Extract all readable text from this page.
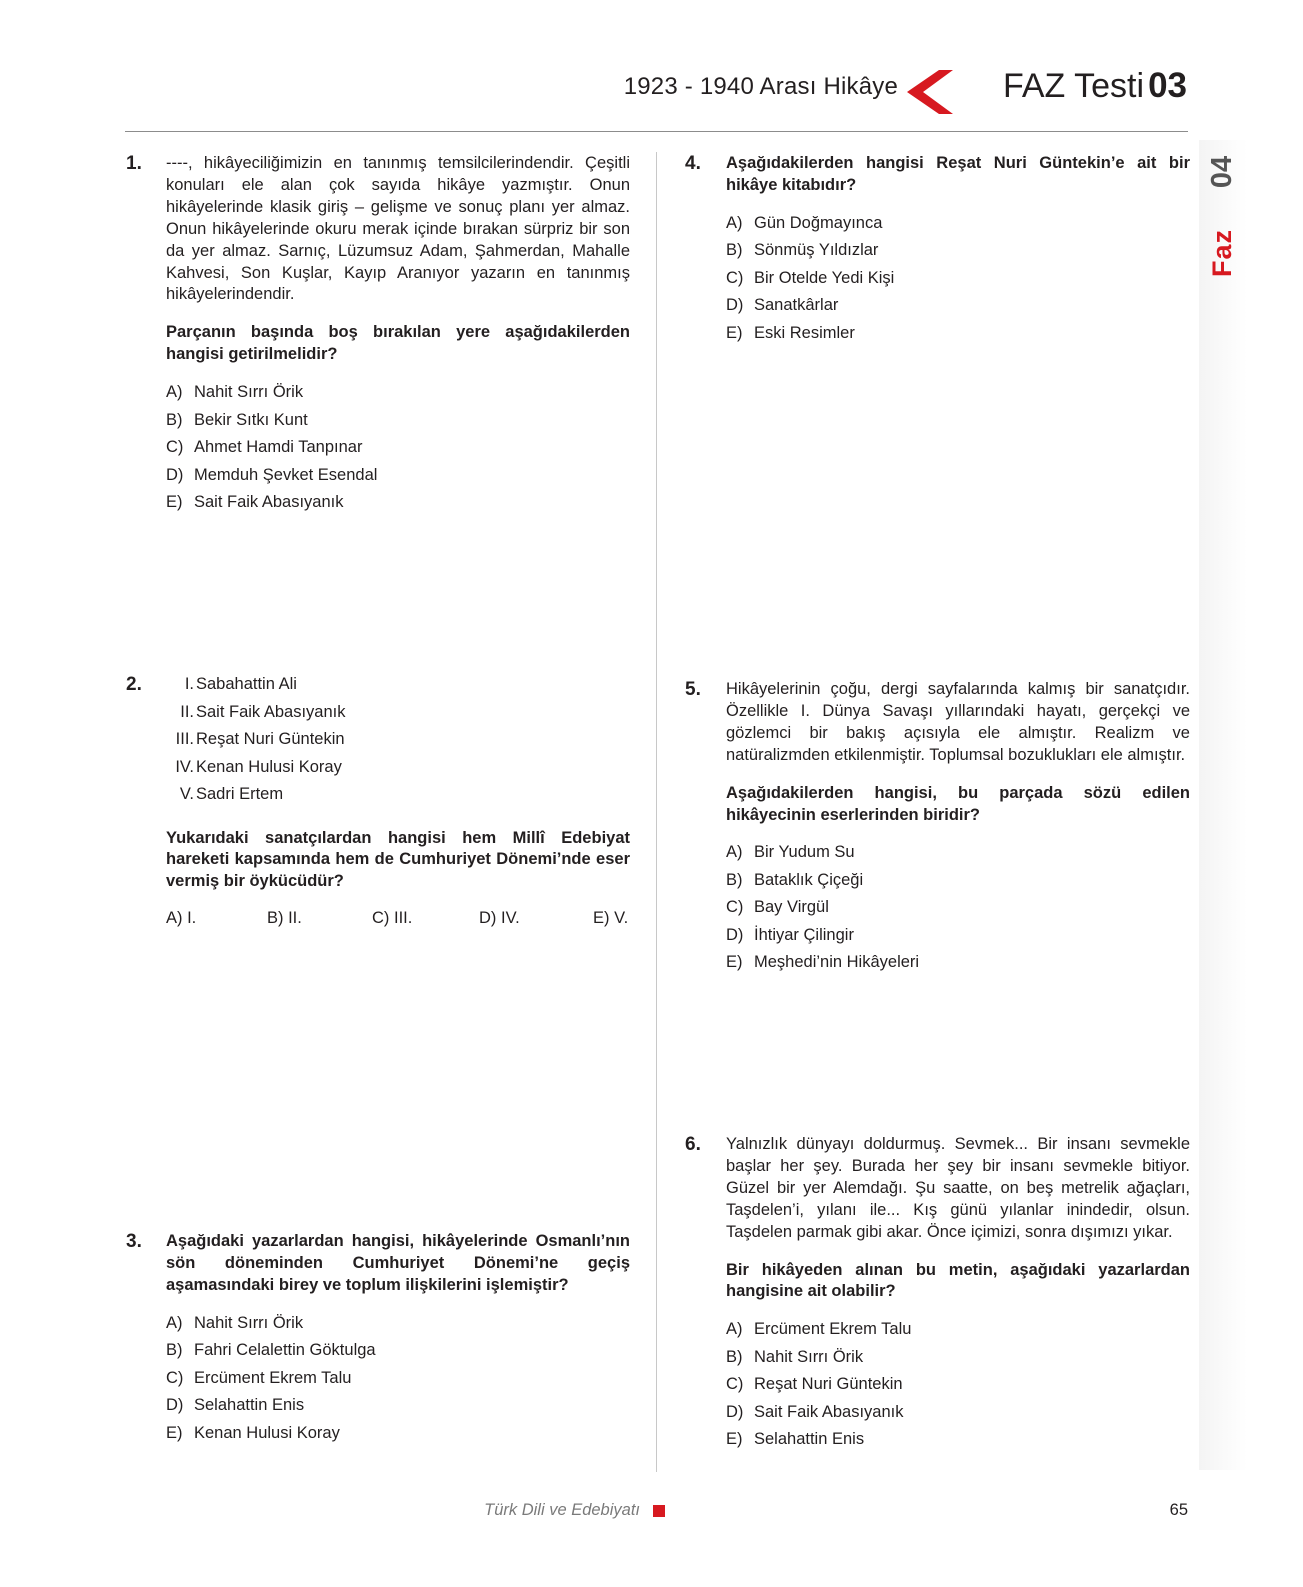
1923 - 1940 Arası Hikâye	FAZ Testi 03
04
Faz
1. ----, hikâyeciliğimizin en tanınmış temsilcilerindendir. Çeşitli konuları ele alan çok sayıda hikâye yazmıştır. Onun hikâyelerinde klasik giriş – gelişme ve sonuç planı yer almaz. Onun hikâyelerinde okuru merak içinde bırakan sürpriz bir son da yer almaz. Sarnıç, Lüzumsuz Adam, Şahmerdan, Mahalle Kahvesi, Son Kuşlar, Kayıp Aranıyor yazarın en tanınmış hikâyelerindendir.

Parçanın başında boş bırakılan yere aşağıdakilerden hangisi getirilmelidir?

A) Nahit Sırrı Örik
B) Bekir Sıtkı Kunt
C) Ahmet Hamdi Tanpınar
D) Memduh Şevket Esendal
E) Sait Faik Abasıyanık
2.	I. Sabahattin Ali
II. Sait Faik Abasıyanık
III. Reşat Nuri Güntekin
IV. Kenan Hulusi Koray
V. Sadri Ertem

Yukarıdaki sanatçılardan hangisi hem Millî Edebiyat hareketi kapsamında hem de Cumhuriyet Dönemi’nde eser vermiş bir öykücüdür?

A) I.	B) II.	C) III.	D) IV.	E) V.
3. Aşağıdaki yazarlardan hangisi, hikâyelerinde Osmanlı’nın sön döneminden Cumhuriyet Dönemi’ne geçiş aşamasındaki birey ve toplum ilişkilerini işlemiştir?

A) Nahit Sırrı Örik
B) Fahri Celalettin Göktulga
C) Ercüment Ekrem Talu
D) Selahattin Enis
E) Kenan Hulusi Koray
4. Aşağıdakilerden hangisi Reşat Nuri Güntekin’e ait bir hikâye kitabıdır?

A) Gün Doğmayınca
B) Sönmüş Yıldızlar
C) Bir Otelde Yedi Kişi
D) Sanatkârlar
E) Eski Resimler
5. Hikâyelerinin çoğu, dergi sayfalarında kalmış bir sanatçıdır. Özellikle I. Dünya Savaşı yıllarındaki hayatı, gerçekçi ve gözlemci bir bakış açısıyla ele almıştır. Realizm ve natüralizmden etkilenmiştir. Toplumsal bozuklukları ele almıştır.

Aşağıdakilerden hangisi, bu parçada sözü edilen hikâyecinin eserlerinden biridir?

A) Bir Yudum Su
B) Bataklık Çiçeği
C) Bay Virgül
D) İhtiyar Çilingir
E) Meşhedi’nin Hikâyeleri
6. Yalnızlık dünyayı doldurmuş. Sevmek... Bir insanı sevmekle başlar her şey. Burada her şey bir insanı sevmekle bitiyor. Güzel bir yer Alemdağı. Şu saatte, on beş metrelik ağaçları, Taşdelen’i, yılanı ile... Kış günü yılanlar inindedir, olsun. Taşdelen parmak gibi akar. Önce içimizi, sonra dışımızı yıkar.

Bir hikâyeden alınan bu metin, aşağıdaki yazarlardan hangisine ait olabilir?

A) Ercüment Ekrem Talu
B) Nahit Sırrı Örik
C) Reşat Nuri Güntekin
D) Sait Faik Abasıyanık
E) Selahattin Enis
Türk Dili ve Edebiyatı	65
